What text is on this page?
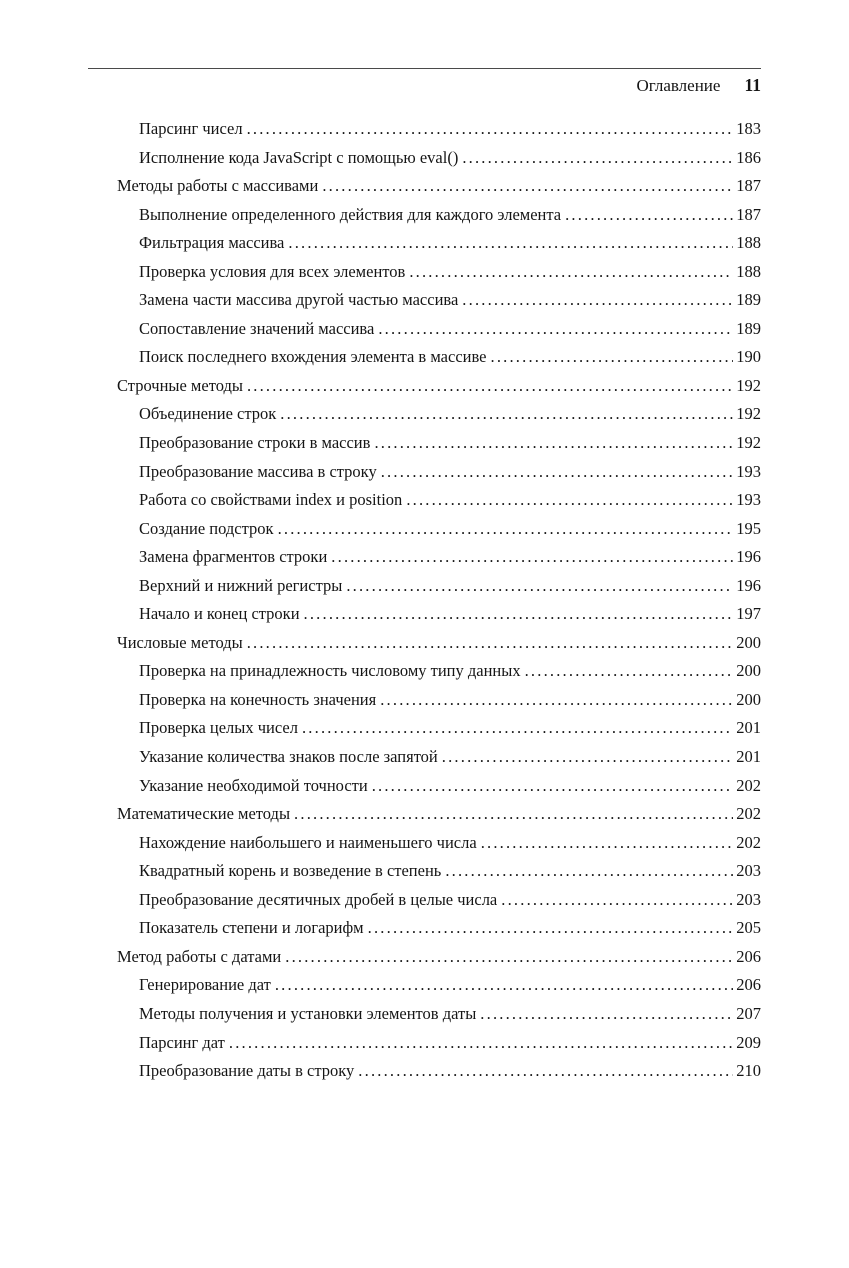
Оглавление 11
Парсинг чисел .....	183
Исполнение кода JavaScript с помощью eval() .....	186
Методы работы с массивами .....	187
Выполнение определенного действия для каждого элемента .....	187
Фильтрация массива .....	188
Проверка условия для всех элементов .....	188
Замена части массива другой частью массива .....	189
Сопоставление значений массива .....	189
Поиск последнего вхождения элемента в массиве .....	190
Строчные методы .....	192
Объединение строк .....	192
Преобразование строки в массив .....	192
Преобразование массива в строку .....	193
Работа со свойствами index и position .....	193
Создание подстрок .....	195
Замена фрагментов строки .....	196
Верхний и нижний регистры .....	196
Начало и конец строки .....	197
Числовые методы .....	200
Проверка на принадлежность числовому типу данных .....	200
Проверка на конечность значения .....	200
Проверка целых чисел .....	201
Указание количества знаков после запятой .....	201
Указание необходимой точности .....	202
Математические методы .....	202
Нахождение наибольшего и наименьшего числа .....	202
Квадратный корень и возведение в степень .....	203
Преобразование десятичных дробей в целые числа .....	203
Показатель степени и логарифм .....	205
Метод работы с датами .....	206
Генерирование дат .....	206
Методы получения и установки элементов даты .....	207
Парсинг дат .....	209
Преобразование даты в строку .....	210
